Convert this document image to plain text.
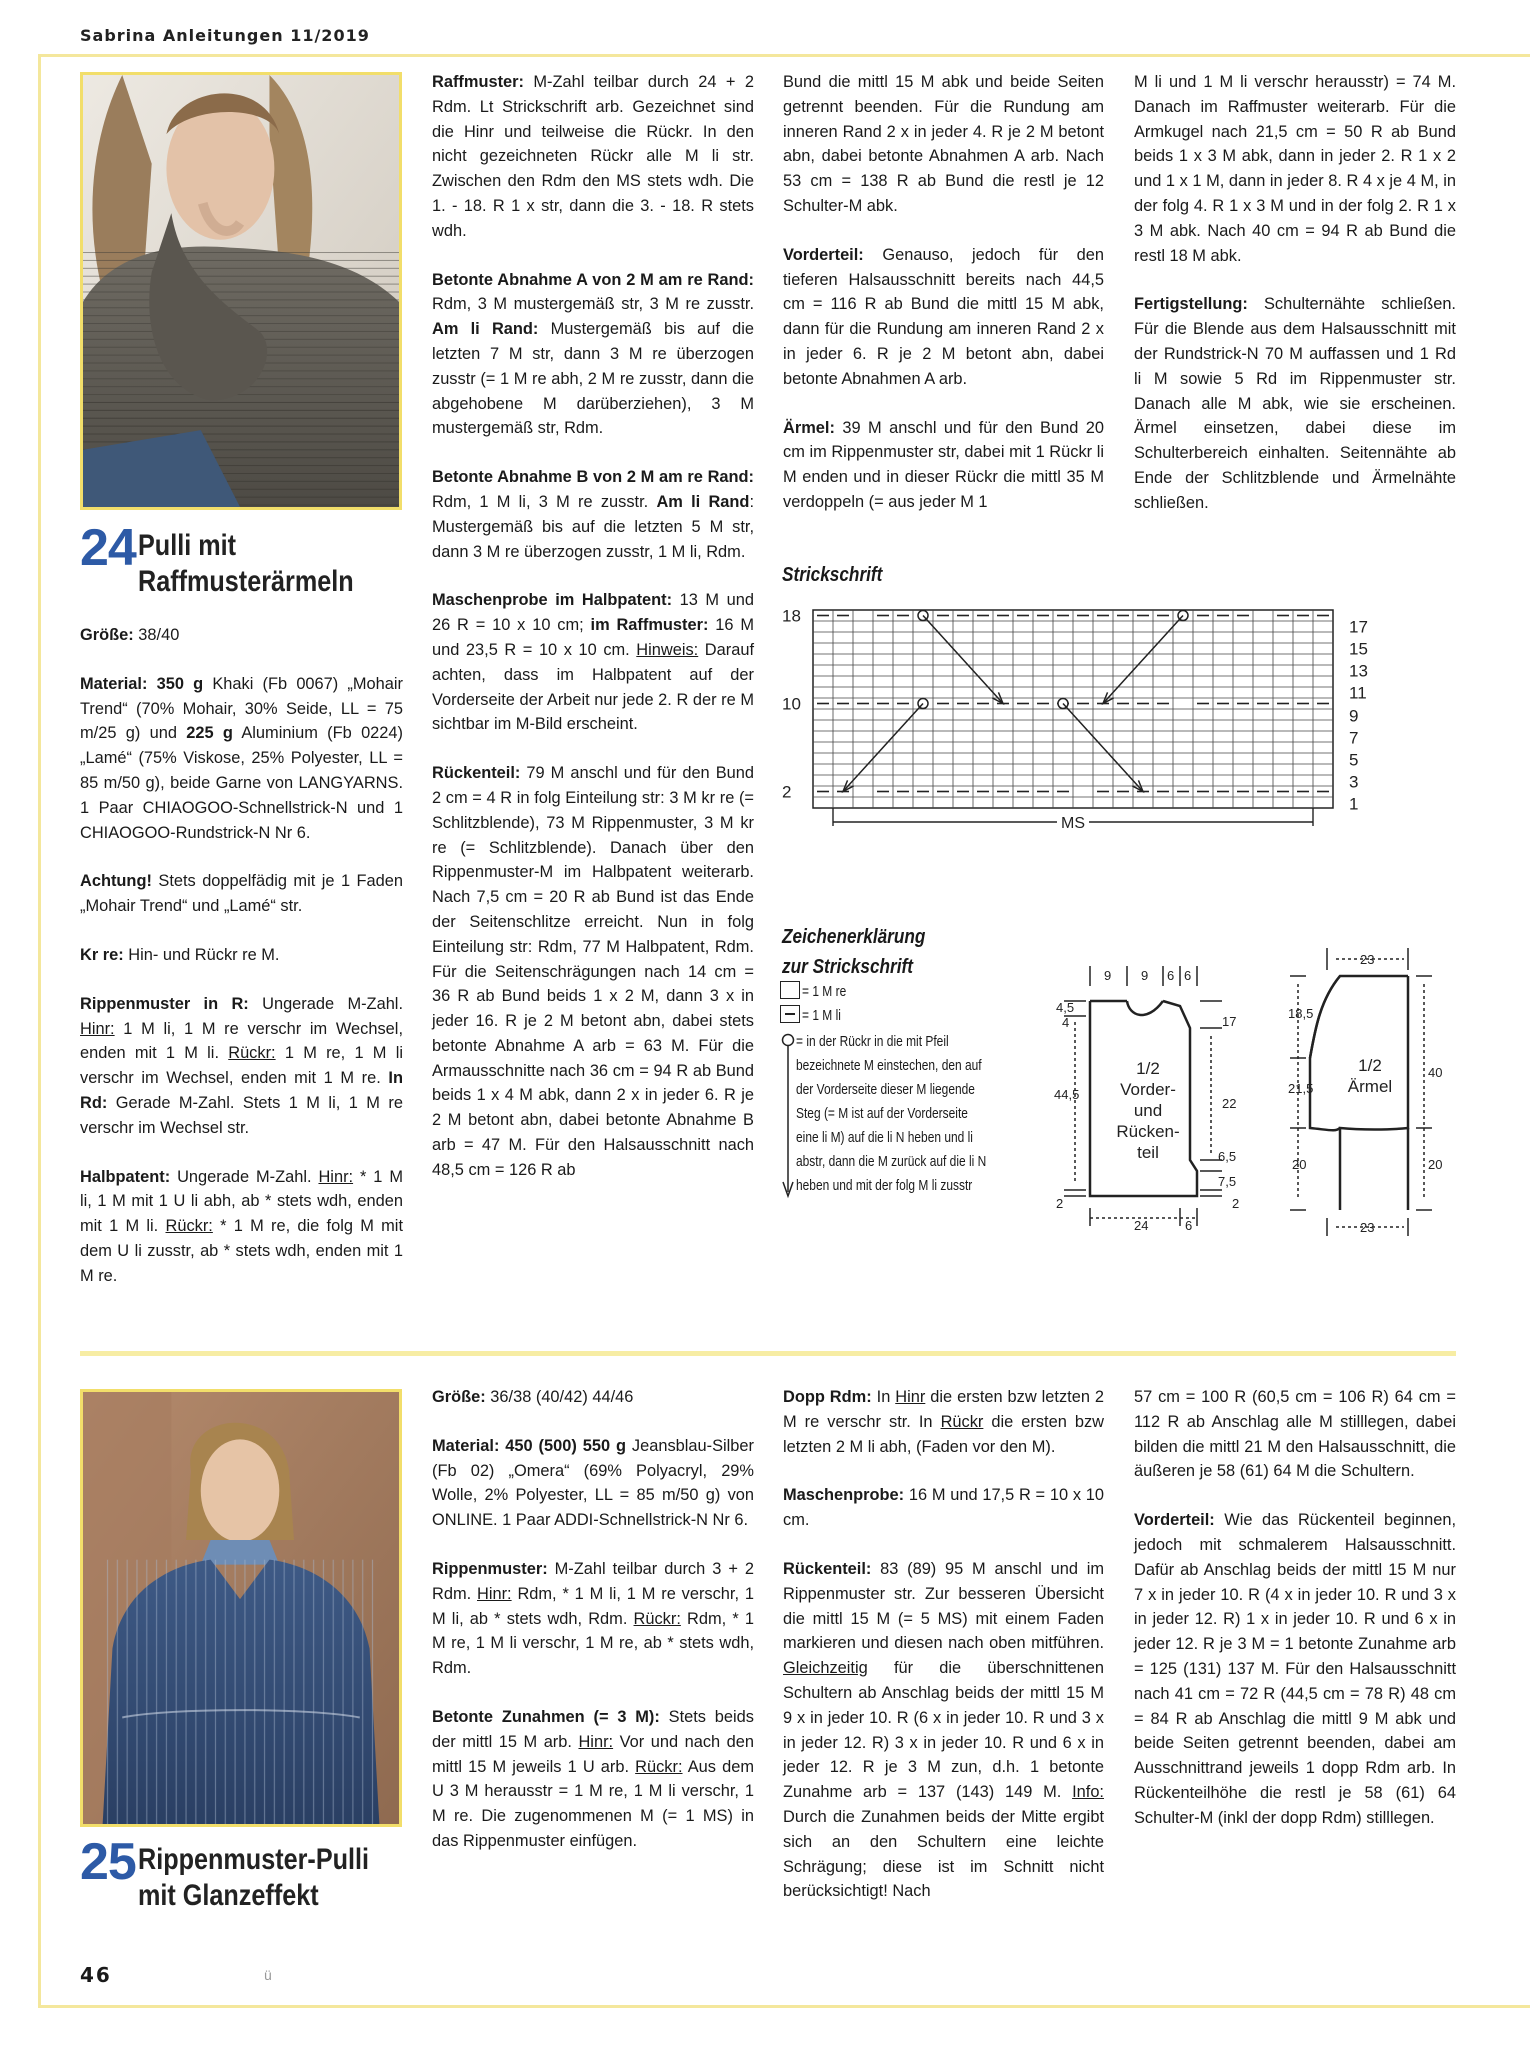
Sabrina Anleitungen 11/2019
24 Pulli mit
Raffmusterärmeln

Größe: 38/40

Material: 350 g Khaki (Fb 0067) „Mohair Trend“ (70% Mohair, 30% Seide, LL = 75 m/25 g) und 225 g Aluminium (Fb 0224) „Lamé“ (75% Viskose, 25% Polyester, LL = 85 m/50 g), beide Garne von LANGYARNS. 1 Paar CHIAOGOO-Schnellstrick-N und 1 CHIAOGOO-Rundstrick-N Nr 6.

Achtung! Stets doppelfädig mit je 1 Faden „Mohair Trend“ und „Lamé“ str.

Kr re: Hin- und Rückr re M.

Rippenmuster in R: Ungerade M-Zahl. Hinr: 1 M li, 1 M re verschr im Wechsel, enden mit 1 M li. Rückr: 1 M re, 1 M li verschr im Wechsel, enden mit 1 M re. In Rd: Gerade M-Zahl. Stets 1 M li, 1 M re verschr im Wechsel str.

Halbpatent: Ungerade M-Zahl. Hinr: * 1 M li, 1 M mit 1 U li abh, ab * stets wdh, enden mit 1 M li. Rückr: * 1 M re, die folg M mit dem U li zusstr, ab * stets wdh, enden mit 1 M re.

Raffmuster: M-Zahl teilbar durch 24 + 2 Rdm. Lt Strickschrift arb. Gezeichnet sind die Hinr und teilweise die Rückr. In den nicht gezeichneten Rückr alle M li str. Zwischen den Rdm den MS stets wdh. Die 1. - 18. R 1 x str, dann die 3. - 18. R stets wdh.

Betonte Abnahme A von 2 M am re Rand: Rdm, 3 M mustergemäß str, 3 M re zusstr. Am li Rand: Mustergemäß bis auf die letzten 7 M str, dann 3 M re überzogen zusstr (= 1 M re abh, 2 M re zusstr, dann die abgehobene M darüberziehen), 3 M mustergemäß str, Rdm.

Betonte Abnahme B von 2 M am re Rand: Rdm, 1 M li, 3 M re zusstr. Am li Rand: Mustergemäß bis auf die letzten 5 M str, dann 3 M re überzogen zusstr, 1 M li, Rdm.

Maschenprobe im Halbpatent: 13 M und 26 R = 10 x 10 cm; im Raffmuster: 16 M und 23,5 R = 10 x 10 cm. Hinweis: Darauf achten, dass im Halbpatent auf der Vorderseite der Arbeit nur jede 2. R der re M sichtbar im M-Bild erscheint.

Rückenteil: 79 M anschl und für den Bund 2 cm = 4 R in folg Einteilung str: 3 M kr re (= Schlitzblende), 73 M Rippenmuster, 3 M kr re (= Schlitzblende). Danach über den Rippenmuster-M im Halbpatent weiterarb. Nach 7,5 cm = 20 R ab Bund ist das Ende der Seitenschlitze erreicht. Nun in folg Einteilung str: Rdm, 77 M Halbpatent, Rdm. Für die Seitenschrägungen nach 14 cm = 36 R ab Bund beids 1 x 2 M, dann 3 x in jeder 16. R je 2 M betont abn, dabei stets betonte Abnahme A arb = 63 M. Für die Armausschnitte nach 36 cm = 94 R ab Bund beids 1 x 4 M abk, dann 2 x in jeder 6. R je 2 M betont abn, dabei betonte Abnahme B arb = 47 M. Für den Halsausschnitt nach 48,5 cm = 126 R ab

Bund die mittl 15 M abk und beide Seiten getrennt beenden. Für die Rundung am inneren Rand 2 x in jeder 4. R je 2 M betont abn, dabei betonte Abnahmen A arb. Nach 53 cm = 138 R ab Bund die restl je 12 Schulter-M abk.

Vorderteil: Genauso, jedoch für den tieferen Halsausschnitt bereits nach 44,5 cm = 116 R ab Bund die mittl 15 M abk, dann für die Rundung am inneren Rand 2 x in jeder 6. R je 2 M betont abn, dabei betonte Abnahmen A arb.

Ärmel: 39 M anschl und für den Bund 20 cm im Rippenmuster str, dabei mit 1 Rückr li M enden und in dieser Rückr die mittl 35 M verdoppeln (= aus jeder M 1

M li und 1 M li verschr herausstr) = 74 M. Danach im Raffmuster weiterarb. Für die Armkugel nach 21,5 cm = 50 R ab Bund beids 1 x 3 M abk, dann in jeder 2. R 1 x 2 und 1 x 1 M, dann in jeder 8. R 4 x je 4 M, in der folg 4. R 1 x 3 M und in der folg 2. R 1 x 3 M abk. Nach 40 cm = 94 R ab Bund die restl 18 M abk.

Fertigstellung: Schulternähte schließen. Für die Blende aus dem Halsausschnitt mit der Rundstrick-N 70 M auffassen und 1 Rd li M sowie 5 Rd im Rippenmuster str. Danach alle M abk, wie sie erscheinen. Ärmel einsetzen, dabei diese im Schulterbereich einhalten. Seitennähte ab Ende der Schlitzblende und Ärmelnähte schließen.

Strickschrift
MS
18
10
2
17
15
13
11
9
7
5
3
1
Zeichenerklärung
zur Strickschrift
= 1 M re
= 1 M li
= in der Rückr in die mit Pfeil
bezeichnete M einstechen, den auf
der Vorderseite dieser M liegende
Steg (= M ist auf der Vorderseite
eine li M) auf die li N heben und li
abstr, dann die M zurück auf die li N
heben und mit der folg M li zusstr
9 9 6 6
4,5
4
44,5
2
17
22
6,5
7,5
2
24	6
1/2
Vorder-
und
Rücken-
teil
23
18,5
21,5
20
40
20
23
1/2
Ärmel
25 Rippenmuster-Pulli
mit Glanzeffekt

Größe: 36/38 (40/42) 44/46

Material: 450 (500) 550 g Jeansblau-Silber (Fb 02) „Omera“ (69% Polyacryl, 29% Wolle, 2% Polyester, LL = 85 m/50 g) von ONLINE. 1 Paar ADDI-Schnellstrick-N Nr 6.

Rippenmuster: M-Zahl teilbar durch 3 + 2 Rdm. Hinr: Rdm, * 1 M li, 1 M re verschr, 1 M li, ab * stets wdh, Rdm. Rückr: Rdm, * 1 M re, 1 M li verschr, 1 M re, ab * stets wdh, Rdm.

Betonte Zunahmen (= 3 M): Stets beids der mittl 15 M arb. Hinr: Vor und nach den mittl 15 M jeweils 1 U arb. Rückr: Aus dem U 3 M herausstr = 1 M re, 1 M li verschr, 1 M re. Die zugenommenen M (= 1 MS) in das Rippenmuster einfügen.

Dopp Rdm: In Hinr die ersten bzw letzten 2 M re verschr str. In Rückr die ersten bzw letzten 2 M li abh, (Faden vor den M).

Maschenprobe: 16 M und 17,5 R = 10 x 10 cm.

Rückenteil: 83 (89) 95 M anschl und im Rippenmuster str. Zur besseren Übersicht die mittl 15 M (= 5 MS) mit einem Faden markieren und diesen nach oben mitführen. Gleichzeitig für die überschnittenen Schultern ab Anschlag beids der mittl 15 M 9 x in jeder 10. R (6 x in jeder 10. R und 3 x in jeder 12. R) 3 x in jeder 10. R und 6 x in jeder 12. R je 3 M zun, d.h. 1 betonte Zunahme arb = 137 (143) 149 M. Info: Durch die Zunahmen beids der Mitte ergibt sich an den Schultern eine leichte Schrägung; diese ist im Schnitt nicht berücksichtigt! Nach

57 cm = 100 R (60,5 cm = 106 R) 64 cm = 112 R ab Anschlag alle M stilllegen, dabei bilden die mittl 21 M den Halsausschnitt, die äußeren je 58 (61) 64 M die Schultern.

Vorderteil: Wie das Rückenteil beginnen, jedoch mit schmalerem Halsausschnitt. Dafür ab Anschlag beids der mittl 15 M nur 7 x in jeder 10. R (4 x in jeder 10. R und 3 x in jeder 12. R) 1 x in jeder 10. R und 6 x in jeder 12. R je 3 M = 1 betonte Zunahme arb = 125 (131) 137 M. Für den Halsausschnitt nach 41 cm = 72 R (44,5 cm = 78 R) 48 cm = 84 R ab Anschlag die mittl 9 M abk und beide Seiten getrennt beenden, dabei am Ausschnittrand jeweils 1 dopp Rdm arb. In Rückenteilhöhe die restl je 58 (61) 64 Schulter-M (inkl der dopp Rdm) stilllegen.

46	ü
